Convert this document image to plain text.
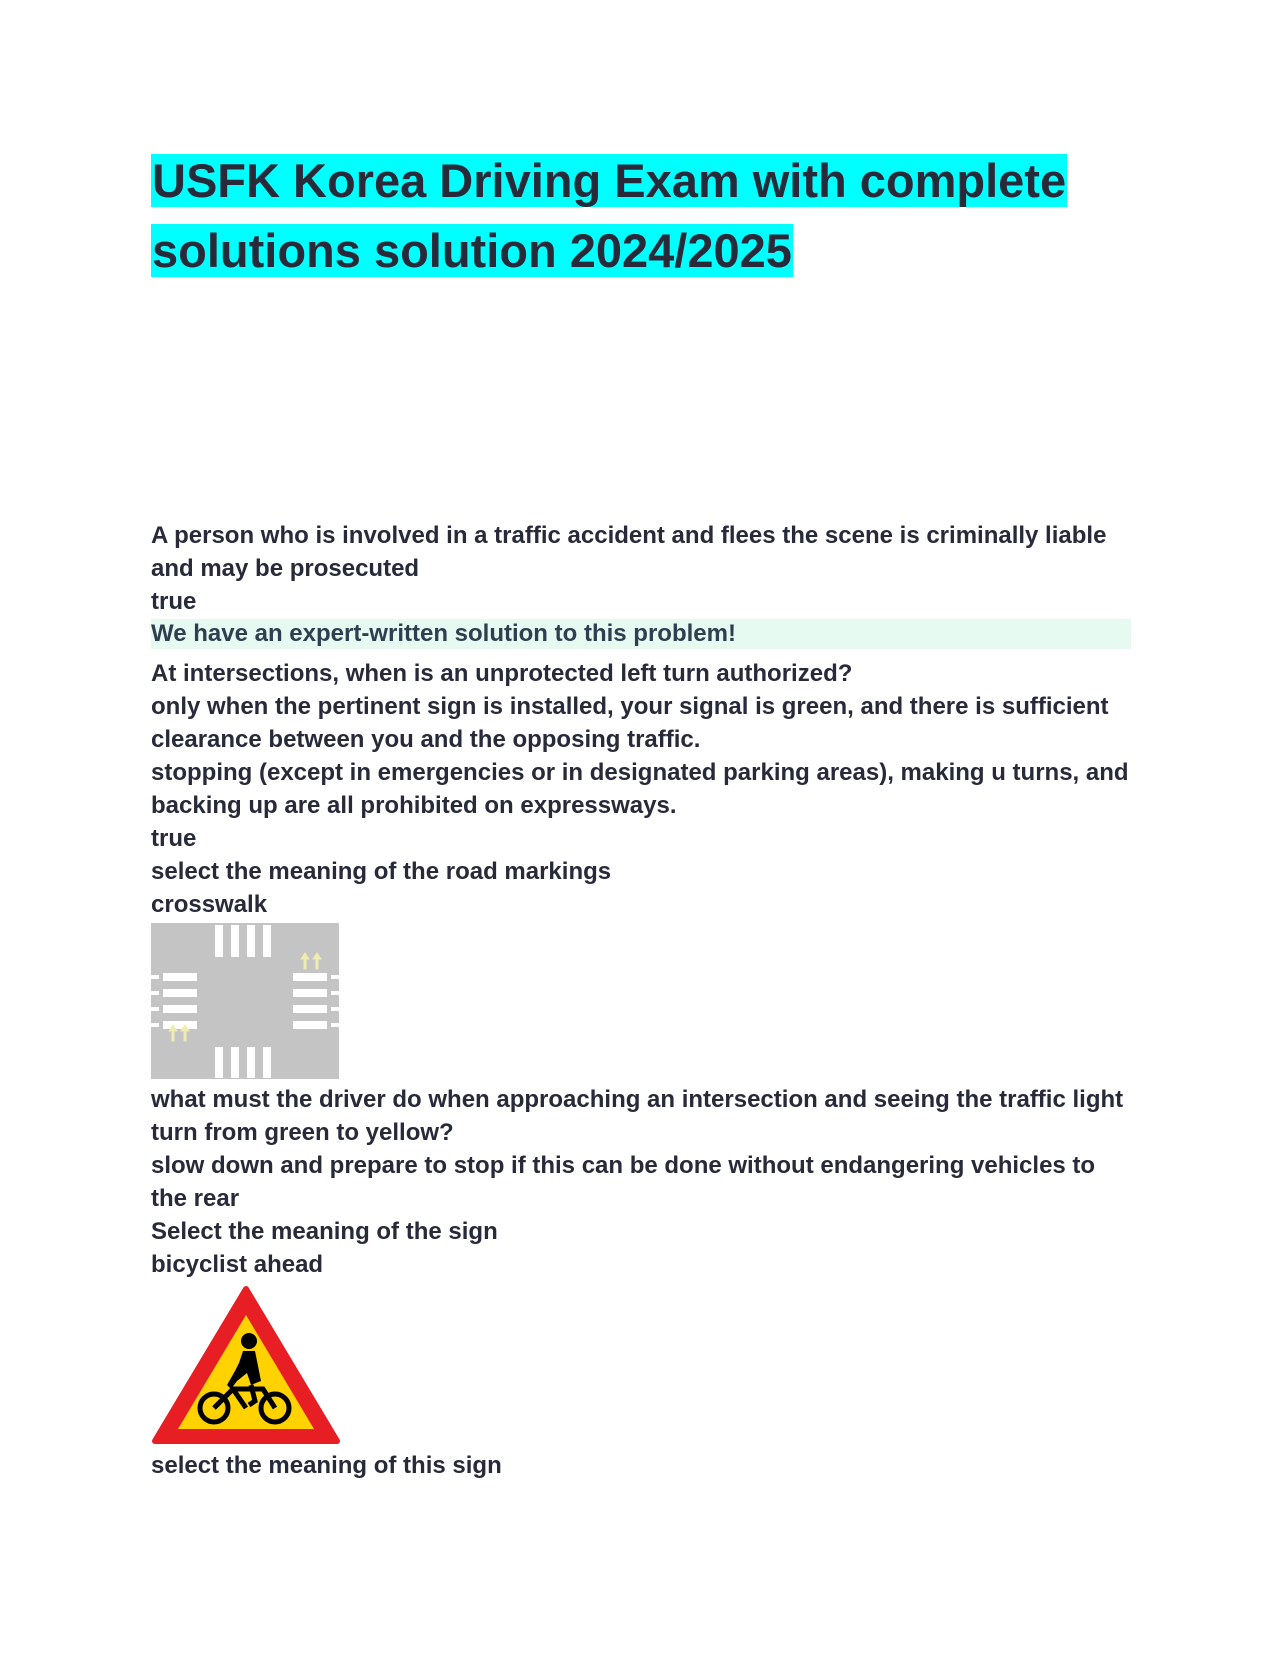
USFK Korea Driving Exam with complete
solutions solution 2024/2025

A person who is involved in a traffic accident and flees the scene is criminally liable and may be prosecuted

true

We have an expert-written solution to this problem!

At intersections, when is an unprotected left turn authorized?

only when the pertinent sign is installed, your signal is green, and there is sufficient clearance between you and the opposing traffic.

stopping (except in emergencies or in designated parking areas), making u turns, and backing up are all prohibited on expressways.

true

select the meaning of the road markings

crosswalk

what must the driver do when approaching an intersection and seeing the traffic light turn from green to yellow?

slow down and prepare to stop if this can be done without endangering vehicles to the rear

Select the meaning of the sign

bicyclist ahead

select the meaning of this sign
